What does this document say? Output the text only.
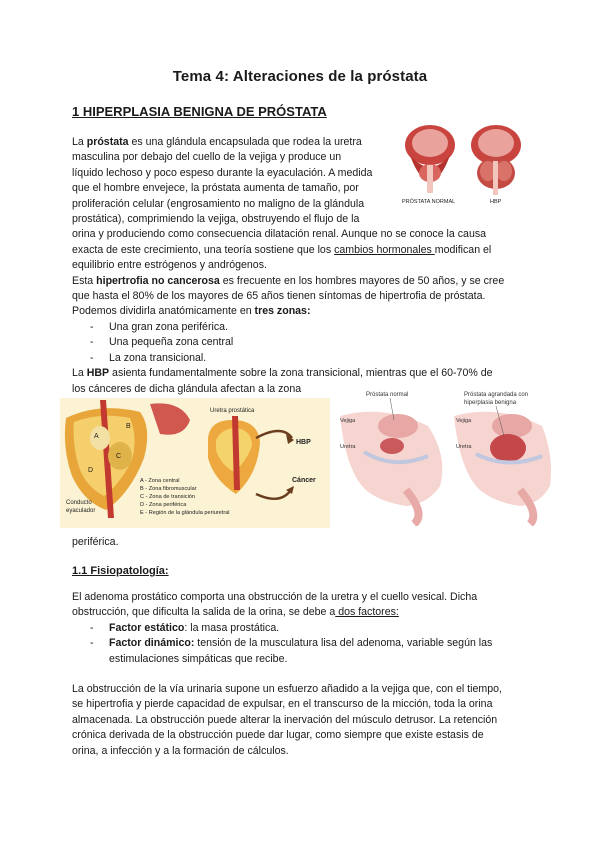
Tema 4: Alteraciones de la próstata
1 HIPERPLASIA BENIGNA DE PRÓSTATA

La próstata es una glándula encapsulada que rodea la uretra

masculina por debajo del cuello de la vejiga y produce un

líquido lechoso y poco espeso durante la eyaculación. A medida

que el hombre envejece, la próstata aumenta de tamaño, por

proliferación celular (engrosamiento no maligno de la glándula

prostática), comprimiendo la vejiga, obstruyendo el flujo de la

orina y produciendo como consecuencia dilatación renal. Aunque no se conoce la causa

exacta de este crecimiento, una teoría sostiene que los cambios hormonales modifican el

equilibrio entre estrógenos y andrógenos.

Esta hipertrofia no cancerosa es frecuente en los hombres mayores de 50 años, y se cree

que hasta el 80% de los mayores de 65 años tienen síntomas de hipertrofia de próstata.

Podemos dividirla anatómicamente en tres zonas:

- Una gran zona periférica.
- Una pequeña zona central
- La zona transicional.

La HBP asienta fundamentalmente sobre la zona transicional, mientras que el 60-70% de

los cánceres de dicha glándula afectan a la zona

PRÓSTATA NORMAL	HBP
A
B
C
D
Conducto
eyaculador
Uretra prostática
HBP
Cáncer
A - Zona central
B - Zona fibromuscular
C - Zona de transición
D - Zona periférica
E - Región de la glándula periuretral
Próstata normal
Vejiga
Uretra
Próstata agrandada con
hiperplasia benigna
Vejiga
Uretra
periférica.
1.1 Fisiopatología:

El adenoma prostático comporta una obstrucción de la uretra y el cuello vesical. Dicha

obstrucción, que dificulta la salida de la orina, se debe a dos factores:

- Factor estático: la masa prostática.
- Factor dinámico: tensión de la musculatura lisa del adenoma, variable según las

estimulaciones simpáticas que recibe.

La obstrucción de la vía urinaria supone un esfuerzo añadido a la vejiga que, con el tiempo,

se hipertrofia y pierde capacidad de expulsar, en el transcurso de la micción, toda la orina

almacenada. La obstrucción puede alterar la inervación del músculo detrusor. La retención

crónica derivada de la obstrucción puede dar lugar, como siempre que existe estasis de

orina, a infección y a la formación de cálculos.
